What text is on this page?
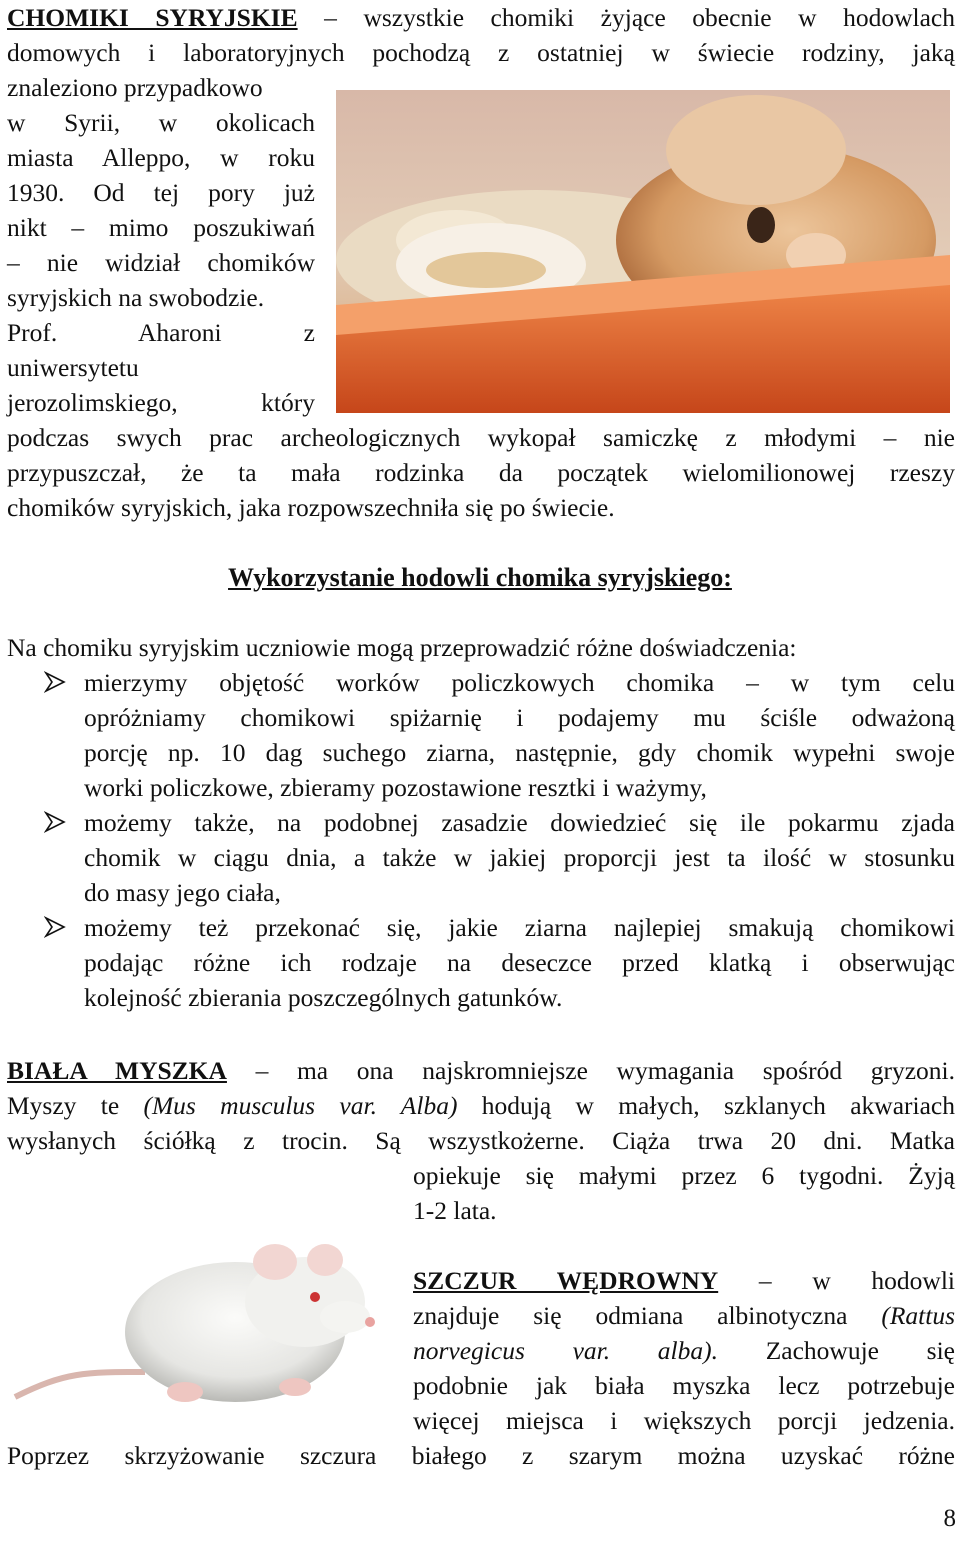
CHOMIKI SYRYJSKIE – wszystkie chomiki żyjące obecnie w hodowlach
domowych i laboratoryjnych pochodzą z ostatniej w świecie rodziny, jaką
znaleziono przypadkowo
w Syrii, w okolicach
miasta Alleppo, w roku
1930. Od tej pory już
nikt – mimo poszukiwań
– nie widział chomików
syryjskich na swobodzie.
Prof. Aharoni z
uniwersytetu
jerozolimskiego, który
podczas swych prac archeologicznych wykopał samiczkę z młodymi – nie
przypuszczał, że ta mała rodzinka da początek wielomilionowej rzeszy
chomików syryjskich, jaka rozpowszechniła się po świecie.
Wykorzystanie hodowli chomika syryjskiego:
Na chomiku syryjskim uczniowie mogą przeprowadzić różne doświadczenia:
mierzymy objętość worków policzkowych chomika – w tym celu
opróżniamy chomikowi spiżarnię i podajemy mu ściśle odważoną
porcję np. 10 dag suchego ziarna, następnie, gdy chomik wypełni swoje
worki policzkowe, zbieramy pozostawione resztki i ważymy,
możemy także, na podobnej zasadzie dowiedzieć się ile pokarmu zjada
chomik w ciągu dnia, a także w jakiej proporcji jest ta ilość w stosunku
do masy jego ciała,
możemy też przekonać się, jakie ziarna najlepiej smakują chomikowi
podając różne ich rodzaje na deseczce przed klatką i obserwując
kolejność zbierania poszczególnych gatunków.
BIAŁA MYSZKA – ma ona najskromniejsze wymagania spośród gryzoni.
Myszy te (Mus musculus var. Alba) hodują w małych, szklanych akwariach
wysłanych ściółką z trocin. Są wszystkożerne. Ciąża trwa 20 dni. Matka
opiekuje się małymi przez 6 tygodni. Żyją
1-2 lata.
SZCZUR WĘDROWNY – w hodowli
znajduje się odmiana albinotyczna (Rattus
norvegicus var. alba). Zachowuje się
podobnie jak biała myszka lecz potrzebuje
więcej miejsca i większych porcji jedzenia.
Poprzez skrzyżowanie szczura białego z szarym można uzyskać różne
8
